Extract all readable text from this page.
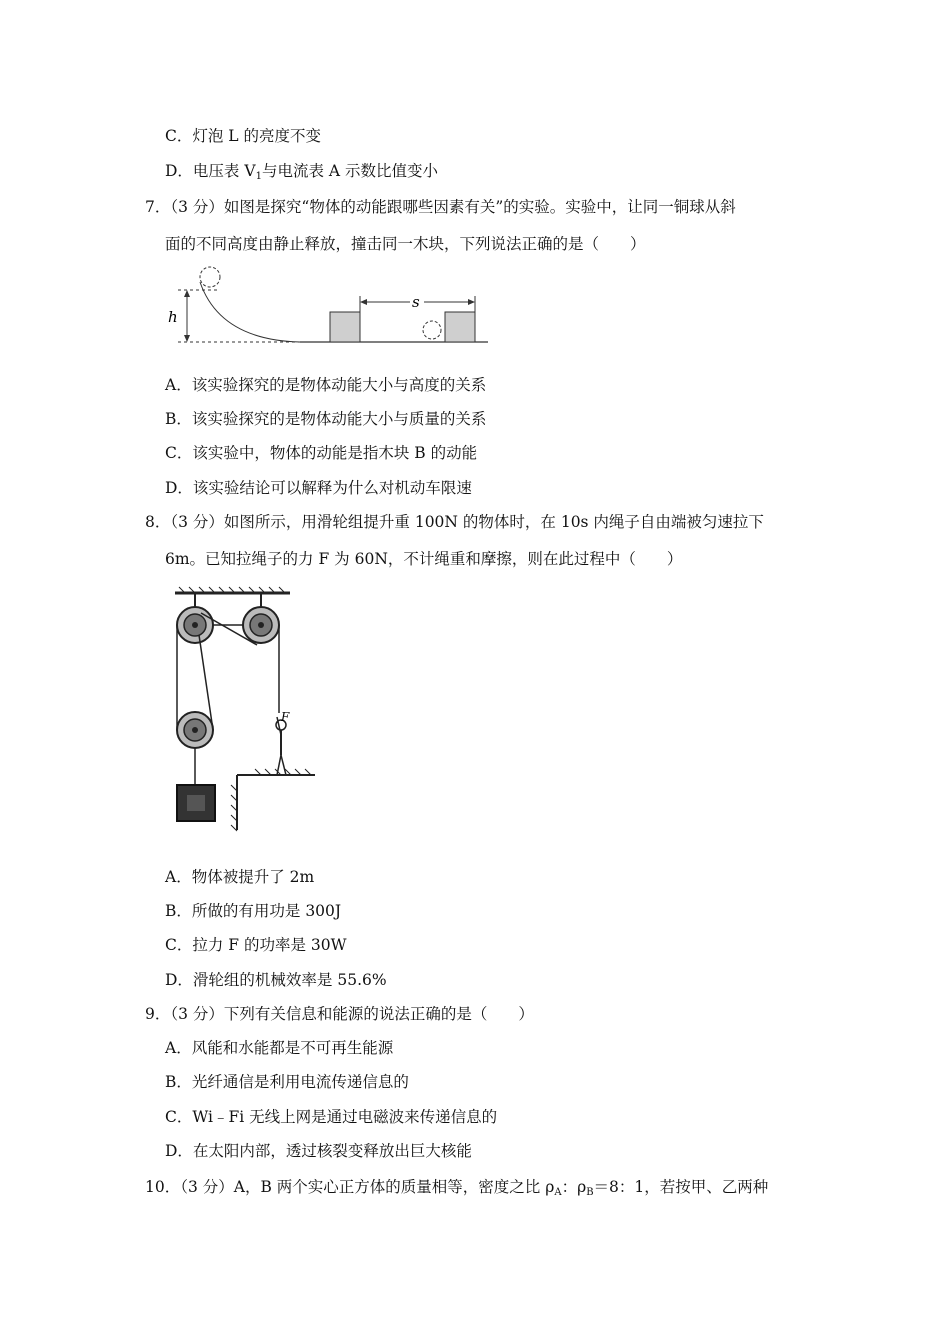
C．灯泡 L 的亮度不变
D．电压表 $V_1$与电流表 A 示数比值变小
7．（3 分）如图是探究“物体的动能跟哪些因素有关”的实验。实验中，让同一铜球从斜
面的不同高度由静止释放，撞击同一木块，下列说法正确的是（　　）
h
s
A．该实验探究的是物体动能大小与高度的关系
B．该实验探究的是物体动能大小与质量的关系
C．该实验中，物体的动能是指木块 B 的动能
D．该实验结论可以解释为什么对机动车限速
8．（3 分）如图所示，用滑轮组提升重 100N 的物体时，在 10s 内绳子自由端被匀速拉下
6m。已知拉绳子的力 F 为 60N，不计绳重和摩擦，则在此过程中（　　）
F
A．物体被提升了 2m
B．所做的有用功是 300J
C．拉力 F 的功率是 30W
D．滑轮组的机械效率是 55.6%
9．（3 分）下列有关信息和能源的说法正确的是（　　）
A．风能和水能都是不可再生能源
B．光纤通信是利用电流传递信息的
C．Wi﹣Fi 无线上网是通过电磁波来传递信息的
D．在太阳内部，透过核裂变释放出巨大核能
10．（3 分）A，B 两个实心正方体的质量相等，密度之比 $\rho_A$：$\rho_B=8$：1，若按甲、乙两种
